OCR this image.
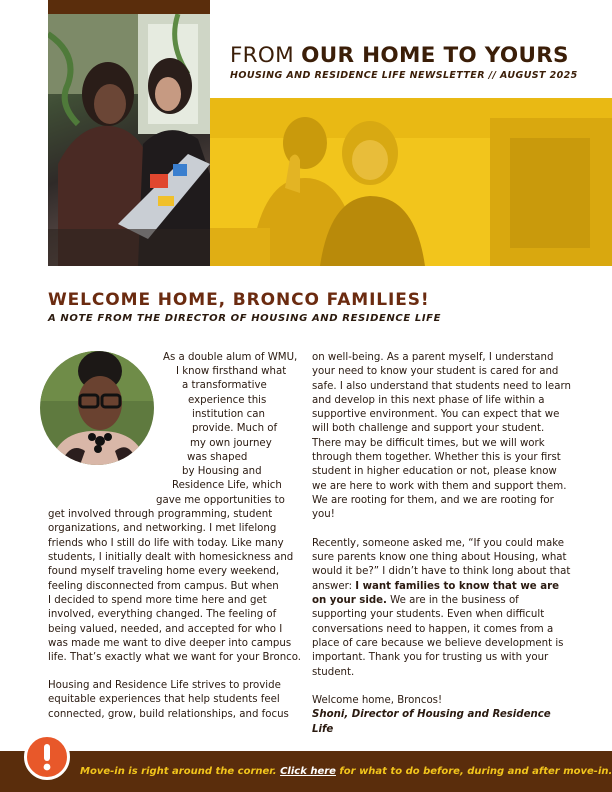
FROM OUR HOME TO YOURS
HOUSING AND RESIDENCE LIFE NEWSLETTER // AUGUST 2025
WELCOME HOME, BRONCO FAMILIES!
A NOTE FROM THE DIRECTOR OF HOUSING AND RESIDENCE LIFE
As a double alum of WMU,
I know firsthand what
a transformative
experience this
institution can
provide. Much of
my own journey
was shaped
by Housing and
Residence Life, which
gave me opportunities to
get involved through programming, student
organizations, and networking. I met lifelong
friends who I still do life with today. Like many
students, I initially dealt with homesickness and
found myself traveling home every weekend,
feeling disconnected from campus. But when
I decided to spend more time here and get
involved, everything changed. The feeling of
being valued, needed, and accepted for who I
was made me want to dive deeper into campus
life. That’s exactly what we want for your Bronco.

Housing and Residence Life strives to provide equitable experiences that help students feel connected, grow, build relationships, and focus

on well-being. As a parent myself, I understand your need to know your student is cared for and safe. I also understand that students need to learn and develop in this next phase of life within a supportive environment. You can expect that we will both challenge and support your student. There may be difficult times, but we will work through them together. Whether this is your first student in higher education or not, please know we are here to work with them and support them. We are rooting for them, and we are rooting for you!

Recently, someone asked me, “If you could make sure parents know one thing about Housing, what would it be?” I didn’t have to think long about that answer: I want families to know that we are on your side. We are in the business of supporting your students. Even when difficult conversations need to happen, it comes from a place of care because we believe development is important. Thank you for trusting us with your student.

Welcome home, Broncos!
Shoni, Director of Housing and Residence Life

Move-in is right around the corner. Click here for what to do before, during and after move-in.
